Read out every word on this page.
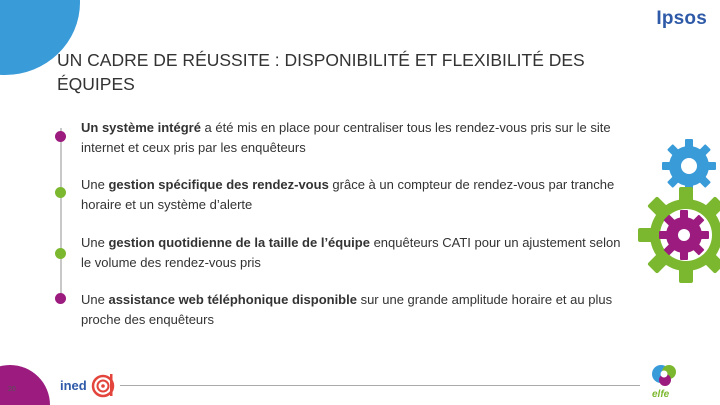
Ipsos
UN CADRE DE RÉUSSITE : DISPONIBILITÉ ET FLEXIBILITÉ DES ÉQUIPES
Un système intégré a été mis en place pour centraliser tous les rendez-vous pris sur le site internet et ceux pris par les enquêteurs
Une gestion spécifique des rendez-vous grâce à un compteur de rendez-vous par tranche horaire et un système d’alerte
Une gestion quotidienne de la taille de l’équipe enquêteurs CATI pour un ajustement selon le volume des rendez-vous pris
Une assistance web téléphonique disponible sur une grande amplitude horaire et au plus proche des enquêteurs
20	ined
elfe
